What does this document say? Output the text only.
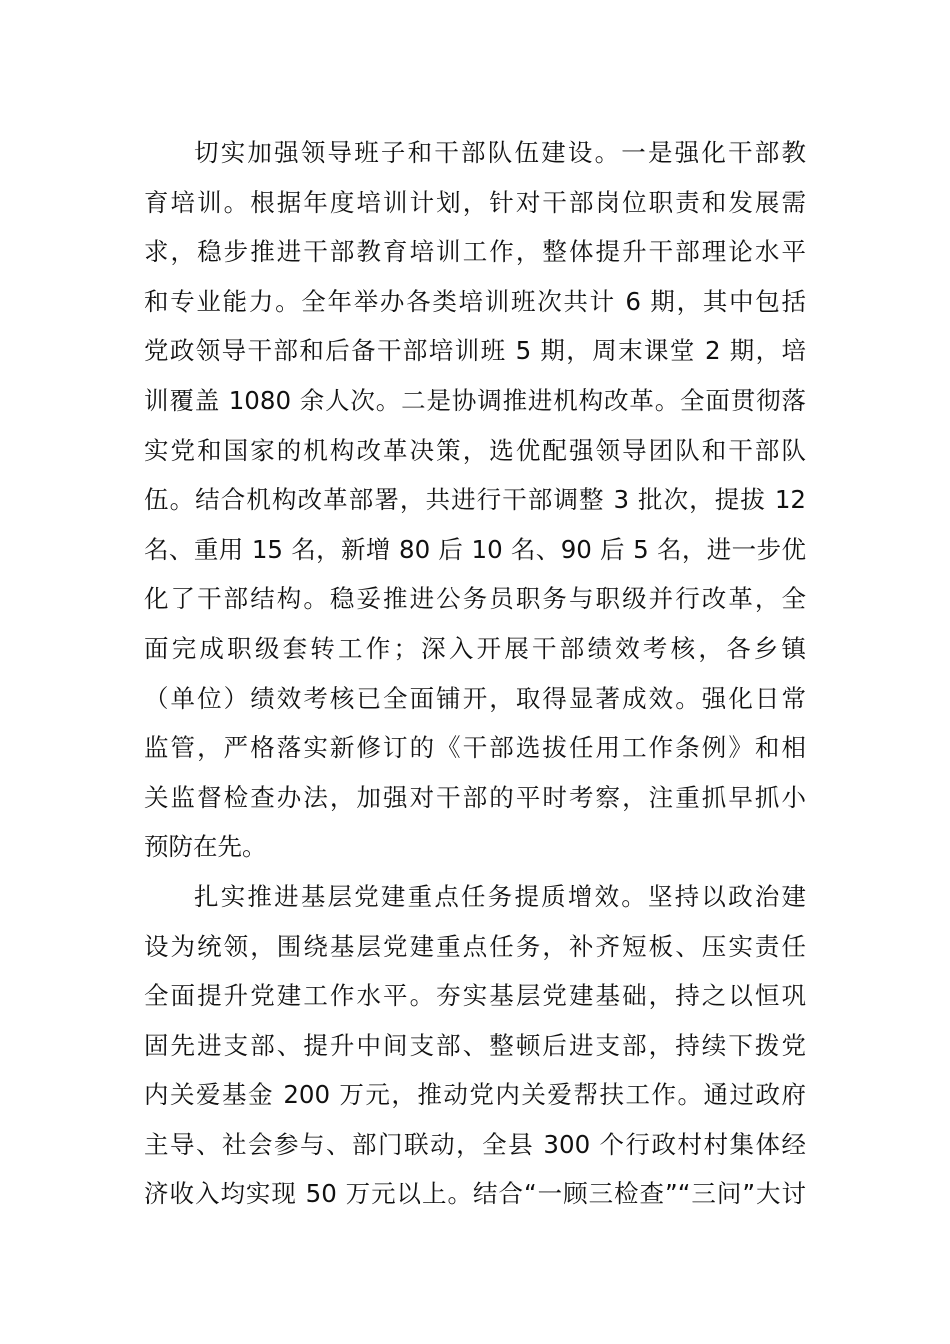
切实加强领导班子和干部队伍建设。一是强化干部教
育培训。根据年度培训计划，针对干部岗位职责和发展需
求，稳步推进干部教育培训工作，整体提升干部理论水平
和专业能力。全年举办各类培训班次共计 6 期，其中包括
党政领导干部和后备干部培训班 5 期，周末课堂 2 期，培
训覆盖 1080 余人次。二是协调推进机构改革。全面贯彻落
实党和国家的机构改革决策，选优配强领导团队和干部队
伍。结合机构改革部署，共进行干部调整 3 批次，提拔 12
名、重用 15 名，新增 80 后 10 名、90 后 5 名，进一步优
化了干部结构。稳妥推进公务员职务与职级并行改革，全
面完成职级套转工作；深入开展干部绩效考核，各乡镇
（单位）绩效考核已全面铺开，取得显著成效。强化日常
监管，严格落实新修订的《干部选拔任用工作条例》和相
关监督检查办法，加强对干部的平时考察，注重抓早抓小
预防在先。
扎实推进基层党建重点任务提质增效。坚持以政治建
设为统领，围绕基层党建重点任务，补齐短板、压实责任
全面提升党建工作水平。夯实基层党建基础，持之以恒巩
固先进支部、提升中间支部、整顿后进支部，持续下拨党
内关爱基金 200 万元，推动党内关爱帮扶工作。通过政府
主导、社会参与、部门联动，全县 300 个行政村村集体经
济收入均实现 50 万元以上。结合“一顾三检查”“三问”大讨
